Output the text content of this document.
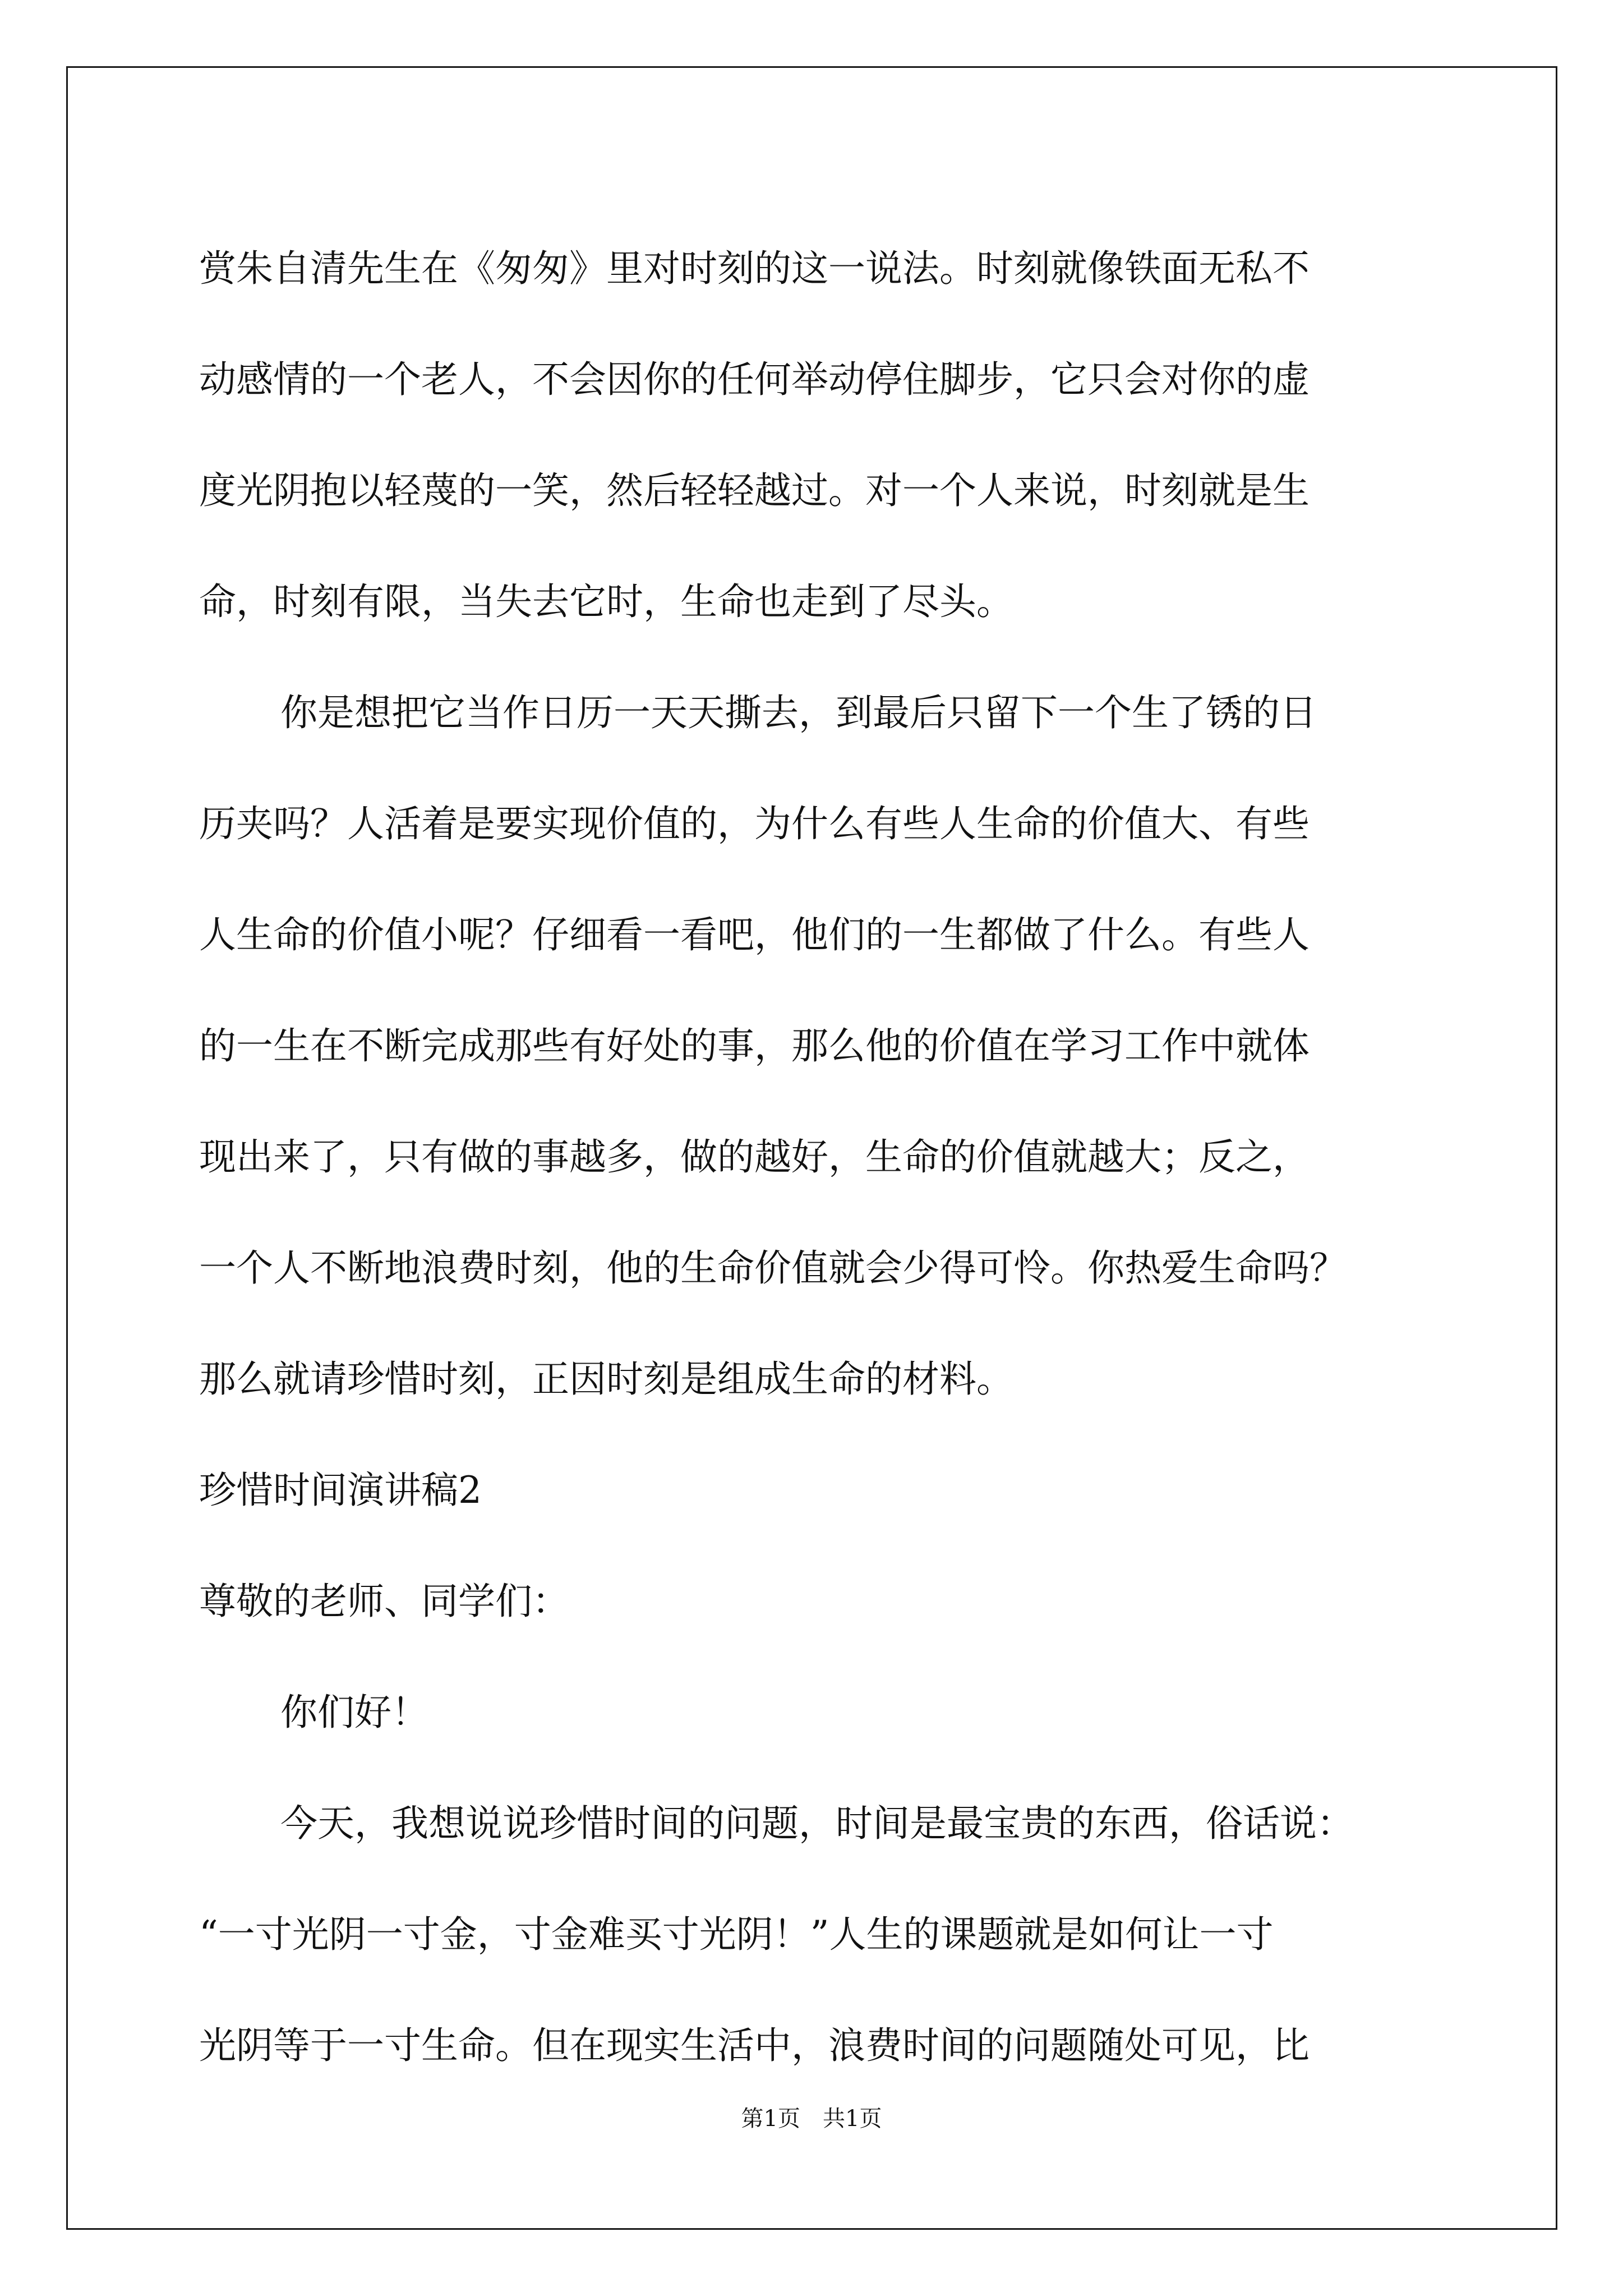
赏朱自清先生在《匆匆》里对时刻的这一说法。时刻就像铁面无私不
动感情的一个老人，不会因你的任何举动停住脚步，它只会对你的虚
度光阴抱以轻蔑的一笑，然后轻轻越过。对一个人来说，时刻就是生
命，时刻有限，当失去它时，生命也走到了尽头。
你是想把它当作日历一天天撕去，到最后只留下一个生了锈的日
历夹吗？人活着是要实现价值的，为什么有些人生命的价值大、有些
人生命的价值小呢？仔细看一看吧，他们的一生都做了什么。有些人
的一生在不断完成那些有好处的事，那么他的价值在学习工作中就体
现出来了，只有做的事越多，做的越好，生命的价值就越大；反之，
一个人不断地浪费时刻，他的生命价值就会少得可怜。你热爱生命吗？
那么就请珍惜时刻，正因时刻是组成生命的材料。
珍惜时间演讲稿2
尊敬的老师、同学们：
你们好！
今天，我想说说珍惜时间的问题，时间是最宝贵的东西，俗话说：
“一寸光阴一寸金，寸金难买寸光阴！”人生的课题就是如何让一寸
光阴等于一寸生命。但在现实生活中，浪费时间的问题随处可见，比
第1页　共1页
